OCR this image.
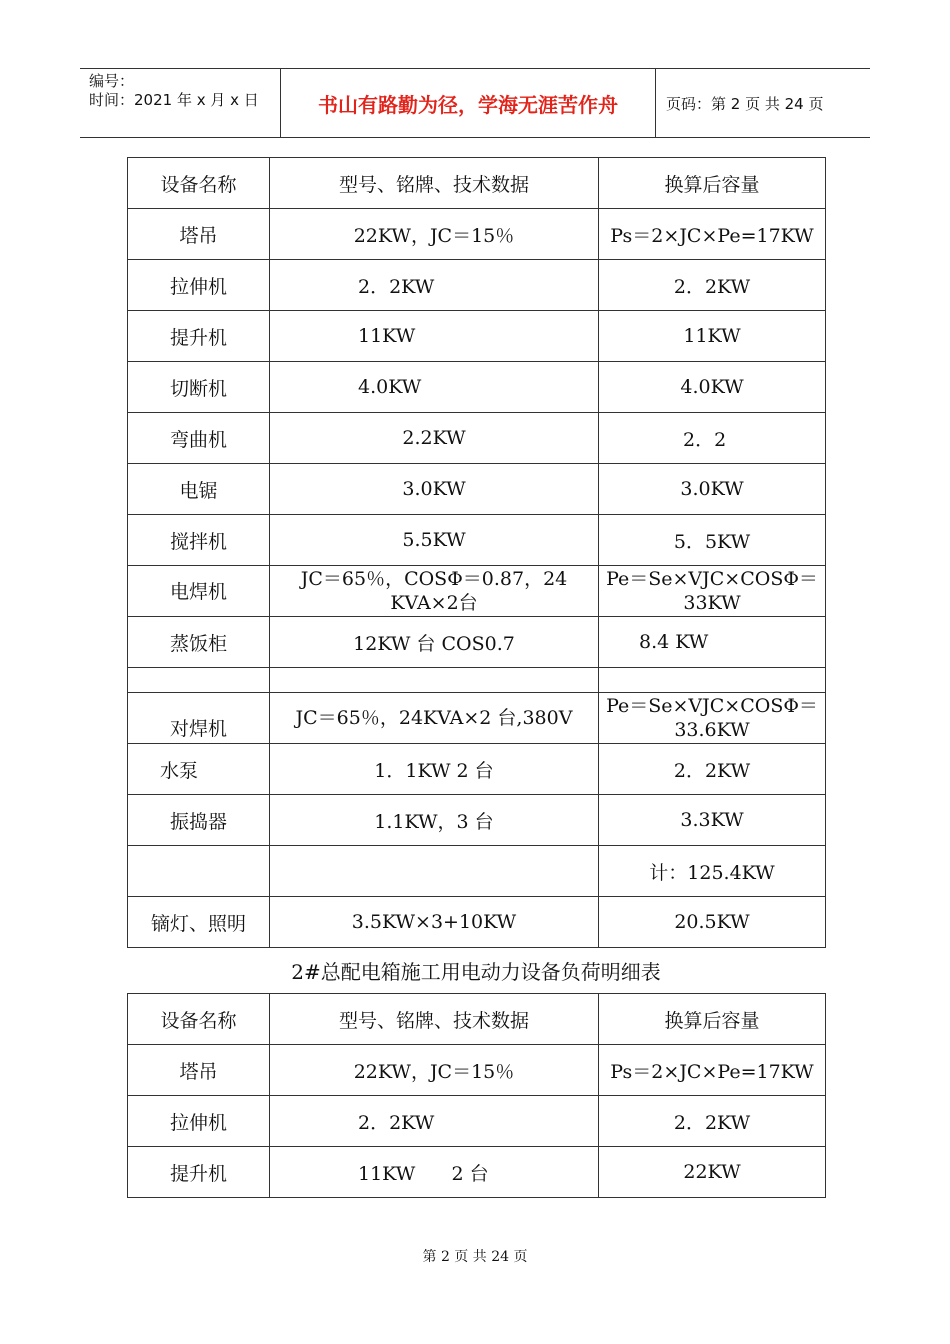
编号：
时间：2021 年 x 月 x 日	书山有路勤为径，学海无涯苦作舟	页码：第 2 页 共 24 页
设备名称	型号、铭牌、技术数据	换算后容量
塔吊	22KW，JC＝15％	Ps＝2×JC×Pe=17KW
拉伸机	2．2KW	2．2KW
提升机	11KW	11KW
切断机	4.0KW	4.0KW
弯曲机	2.2KW	2．2
电锯	3.0KW	3.0KW
搅拌机	5.5KW	5．5KW
电焊机	JC＝65％，COSΦ＝0.87，24 KVA×2台	Pe＝Se×VJC×COSΦ＝33KW
蒸饭柜	12KW 台 COS0.7	8.4 KW

对焊机	JC＝65％，24KVA×2 台,380V	Pe＝Se×VJC×COSΦ＝33.6KW
水泵	1．1KW 2 台	2．2KW
振捣器	1.1KW，3 台	3.3KW
		计：125.4KW
镝灯、照明	3.5KW×3+10KW	20.5KW
2#总配电箱施工用电动力设备负荷明细表
设备名称	型号、铭牌、技术数据	换算后容量
塔吊	22KW，JC＝15％	Ps＝2×JC×Pe=17KW
拉伸机	2．2KW	2．2KW
提升机	11KW      2 台	22KW
第 2 页 共 24 页
